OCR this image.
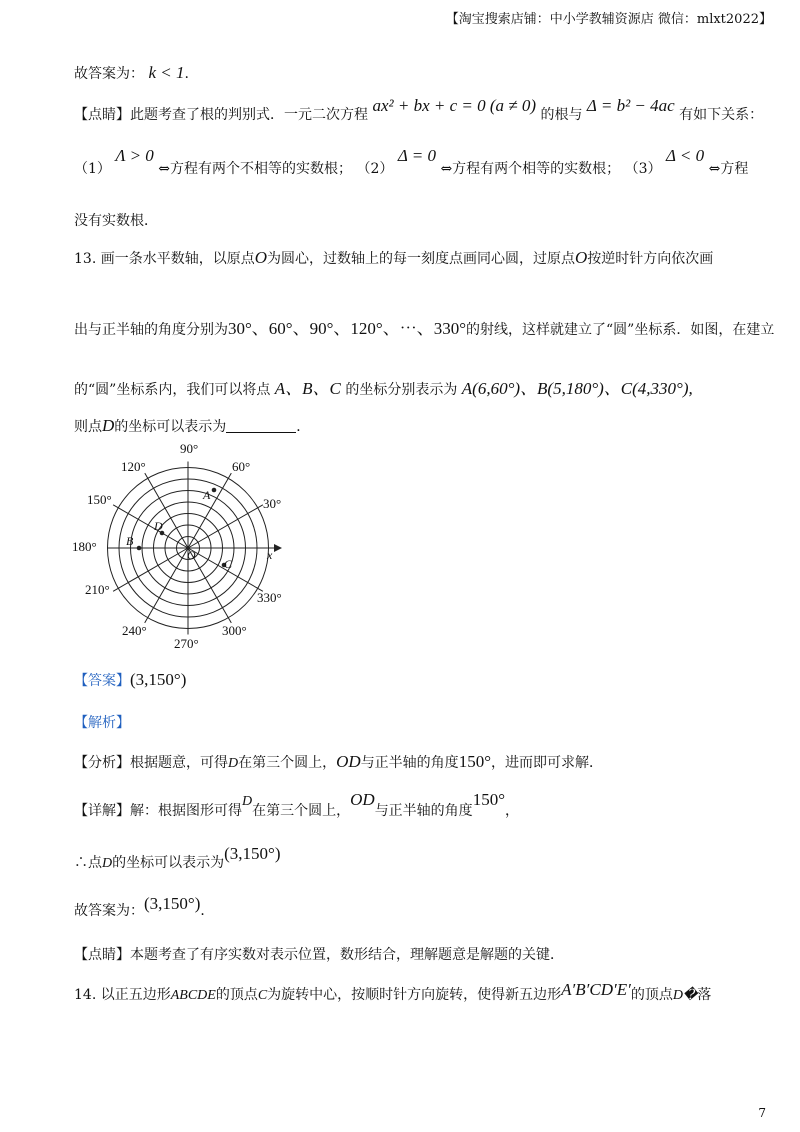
【淘宝搜索店铺：中小学教辅资源店 微信：mlxt2022】
故答案为： k < 1.
【点睛】此题考查了根的判别式．一元二次方程 ax² + bx + c = 0 (a ≠ 0) 的根与 Δ = b² − 4ac 有如下关系：
（1） Λ > 0 ⇔方程有两个不相等的实数根； （2） Δ = 0 ⇔方程有两个相等的实数根； （3） Δ < 0 ⇔方程
没有实数根．
13. 画一条水平数轴，以原点O为圆心，过数轴上的每一刻度点画同心圆，过原点O按逆时针方向依次画
出与正半轴的角度分别为30°、60°、90°、120°、⋯、330°的射线，这样就建立了“圆”坐标系．如图，在建立
的“圆”坐标系内，我们可以将点 A、B、C 的坐标分别表示为 A(6,60°)、B(5,180°)、C(4,330°),
则点D的坐标可以表示为	．
90°
60°
120°
30°
150°
180°
210°
330°
240°
270°
300°
A
B
C
D
O	x
【答案】(3,150°)
【解析】
【分析】根据题意，可得D在第三个圆上，OD与正半轴的角度150°，进而即可求解．
【详解】解：根据图形可得D在第三个圆上，OD与正半轴的角度150°，
∴点D的坐标可以表示为(3,150°)
故答案为：(3,150°)．
【点睛】本题考查了有序实数对表示位置，数形结合，理解题意是解题的关键．
14. 以正五边形ABCDE的顶点C为旋转中心，按顺时针方向旋转，使得新五边形A′B′CD′E′的顶点D�落
7
